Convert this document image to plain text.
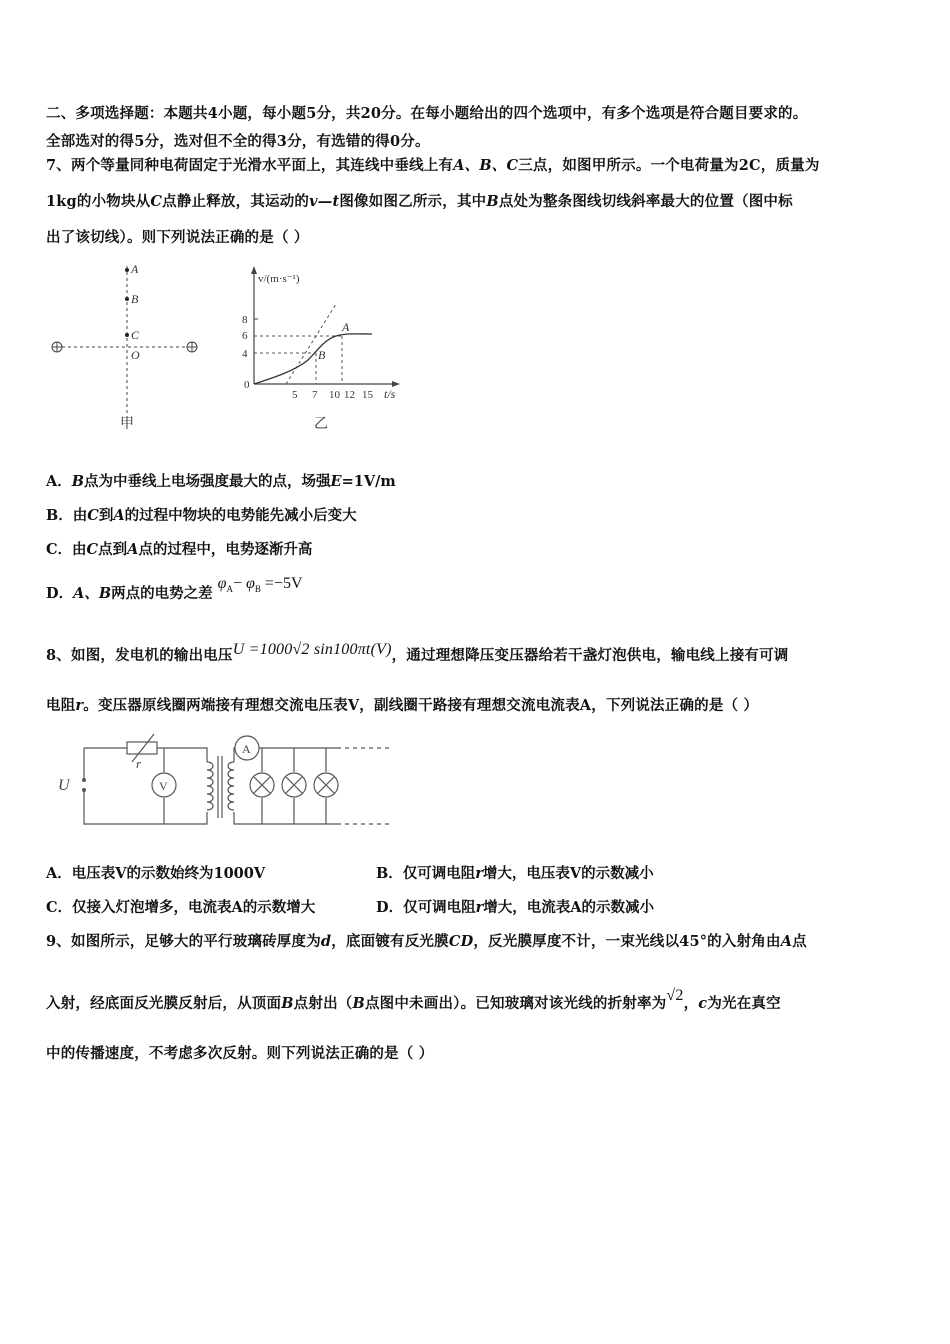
二、多项选择题：本题共4小题，每小题5分，共20分。在每小题给出的四个选项中，有多个选项是符合题目要求的。
全部选对的得5分，选对但不全的得3分，有选错的得0分。
7、两个等量同种电荷固定于光滑水平面上，其连线中垂线上有A、B、C三点，如图甲所示。一个电荷量为2C，质量为
1kg的小物块从C点静止释放，其运动的v—t图像如图乙所示，其中B点处为整条图线切线斜率最大的位置（图中标
出了该切线）。则下列说法正确的是（ ）
A
B
C
O
甲
v/(m·s⁻¹)
8
6
4
0
A
B
5 7 10 12 15 t/s
乙
A．B点为中垂线上电场强度最大的点，场强E=1V/m
B．由C到A的过程中物块的电势能先减小后变大
C．由C点到A点的过程中，电势逐渐升高
D．A、B两点的电势之差 $\varphi_A- \varphi_B =-5V$
8、如图，发电机的输出电压U =1000√2 sin100πt(V)，通过理想降压变压器给若干盏灯泡供电，输电线上接有可调
电阻r。变压器原线圈两端接有理想交流电压表V，副线圈干路接有理想交流电流表A，下列说法正确的是（ ）
U
r
V
A
A．电压表V的示数始终为1000V	B．仅可调电阻r增大，电压表V的示数减小
C．仅接入灯泡增多，电流表A的示数增大	D．仅可调电阻r增大，电流表A的示数减小
9、如图所示，足够大的平行玻璃砖厚度为d，底面镀有反光膜CD，反光膜厚度不计，一束光线以45°的入射角由A点
入射，经底面反光膜反射后，从顶面B点射出（B点图中未画出）。已知玻璃对该光线的折射率为√2，c为光在真空
中的传播速度，不考虑多次反射。则下列说法正确的是（ ）
